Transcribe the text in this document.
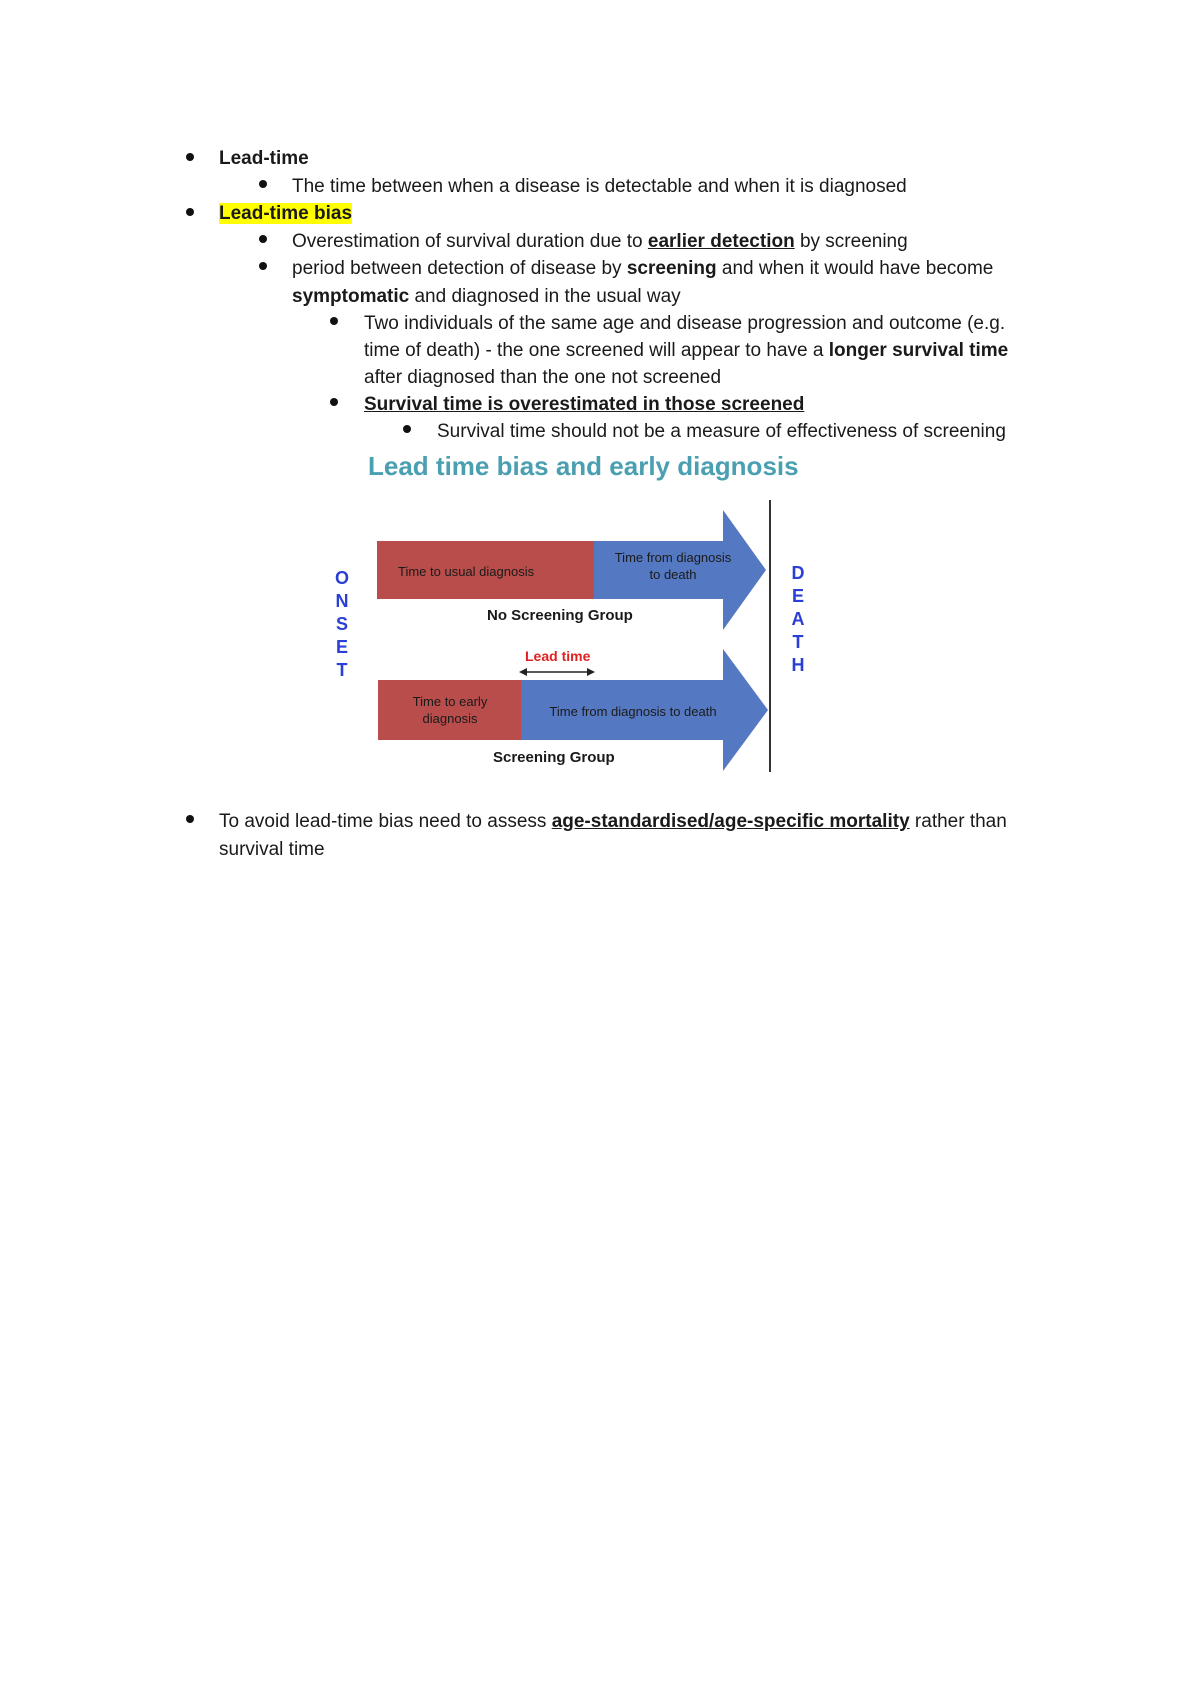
Lead-time
The time between when a disease is detectable and when it is diagnosed
Lead-time bias
Overestimation of survival duration due to earlier detection by screening
period between detection of disease by screening and when it would have become
symptomatic and diagnosed in the usual way
Two individuals of the same age and disease progression and outcome (e.g.
time of death) - the one screened will appear to have a longer survival time
after diagnosed than the one not screened
Survival time is overestimated in those screened
Survival time should not be a measure of effectiveness of screening
Lead time bias and early diagnosis
Time to usual diagnosis
Time from diagnosis
to death
No Screening Group
Lead time
Time to early
diagnosis	Time from diagnosis to death
Screening Group
O
N
S
E
T
D
E
A
T
H
To avoid lead-time bias need to assess age-standardised/age-specific mortality rather than
survival time
